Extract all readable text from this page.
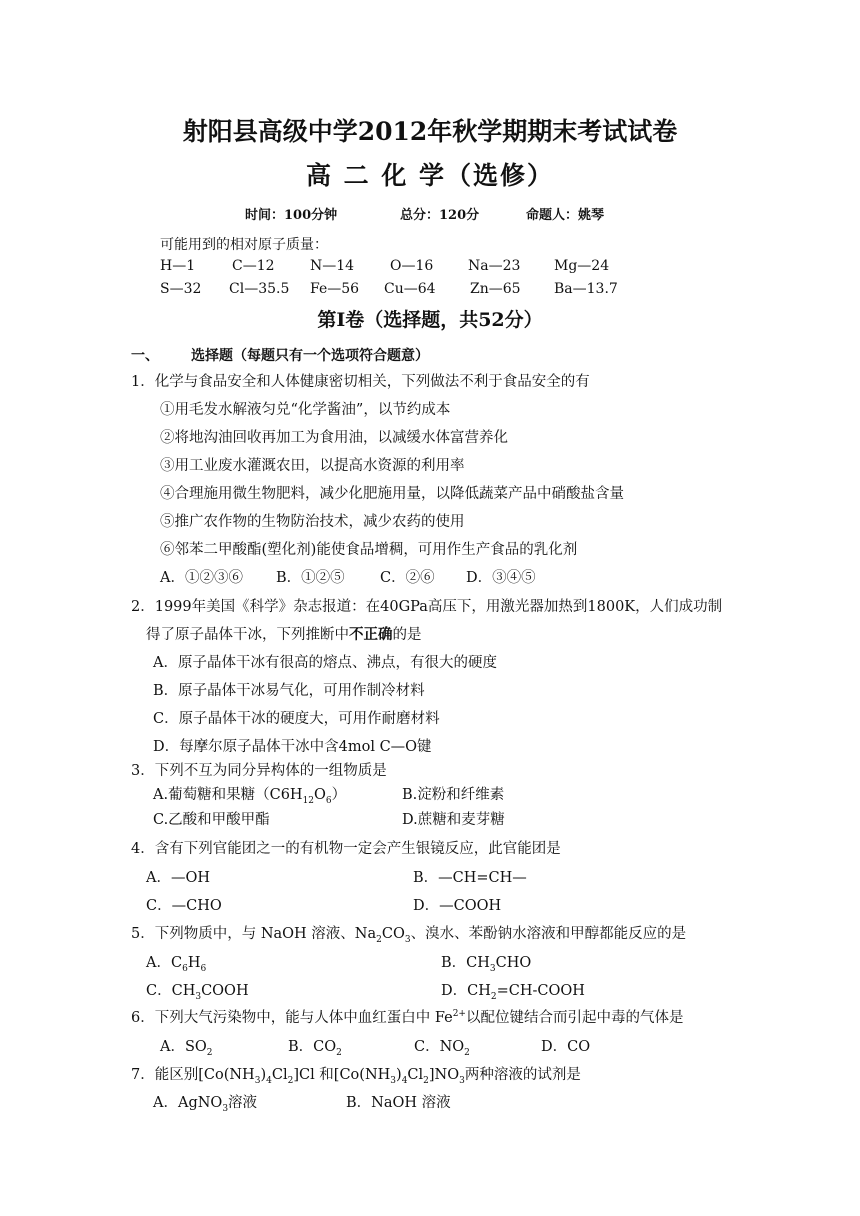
射阳县高级中学2012年秋学期期末考试试卷
高 二 化 学（选修）
时间：100分钟	总分：120分	命题人：姚琴
可能用到的相对原子质量：
H—1	C—12	N—14	O—16 Na—23 Mg—24
S—32 Cl—35.5 Fe—56 Cu—64 Zn—65 Ba—13.7
第Ⅰ卷（选择题，共52分）
一、 选择题（每题只有一个选项符合题意）
1．化学与食品安全和人体健康密切相关，下列做法不利于食品安全的有
①用毛发水解液匀兑“化学酱油”，以节约成本
②将地沟油回收再加工为食用油，以减缓水体富营养化
③用工业废水灌溉农田，以提高水资源的利用率
④合理施用微生物肥料，减少化肥施用量，以降低蔬菜产品中硝酸盐含量
⑤推广农作物的生物防治技术，减少农药的使用
⑥邻苯二甲酸酯(塑化剂)能使食品增稠，可用作生产食品的乳化剂
A．①②③⑥ B．①②⑤ C．②⑥ D．③④⑤
2．1999年美国《科学》杂志报道：在40GPa高压下，用激光器加热到1800K，人们成功制
得了原子晶体干冰，下列推断中不正确的是
A．原子晶体干冰有很高的熔点、沸点，有很大的硬度
B．原子晶体干冰易气化，可用作制冷材料
C．原子晶体干冰的硬度大，可用作耐磨材料
D．每摩尔原子晶体干冰中含4mol C—O键
3．下列不互为同分异构体的一组物质是
A.葡萄糖和果糖$(C6H_{12}O_6)$	B.淀粉和纤维素
C.乙酸和甲酸甲酯	D.蔗糖和麦芽糖
4．含有下列官能团之一的有机物一定会产生银镜反应，此官能团是
A．—OH	B．—CH=CH—
C．—CHO	D．—COOH
5．下列物质中，与 NaOH 溶液、$Na_2CO_3$、溴水、苯酚钠水溶液和甲醇都能反应的是
A．$C_6H_6$	B．$CH_3CHO$
C．$CH_3COOH$	D．$CH_2=CH$-COOH
6．下列大气污染物中，能与人体中血红蛋白中 $Fe^{2+}$以配位键结合而引起中毒的气体是
A．$SO_2$	B．$CO_2$	C．$NO_2$	D．CO
7．能区别$[Co(NH_3)_4Cl_2]Cl$ 和$[Co(NH_3)_4Cl_2]NO_3$两种溶液的试剂是
A．AgNO$_3$溶液	B．NaOH 溶液
